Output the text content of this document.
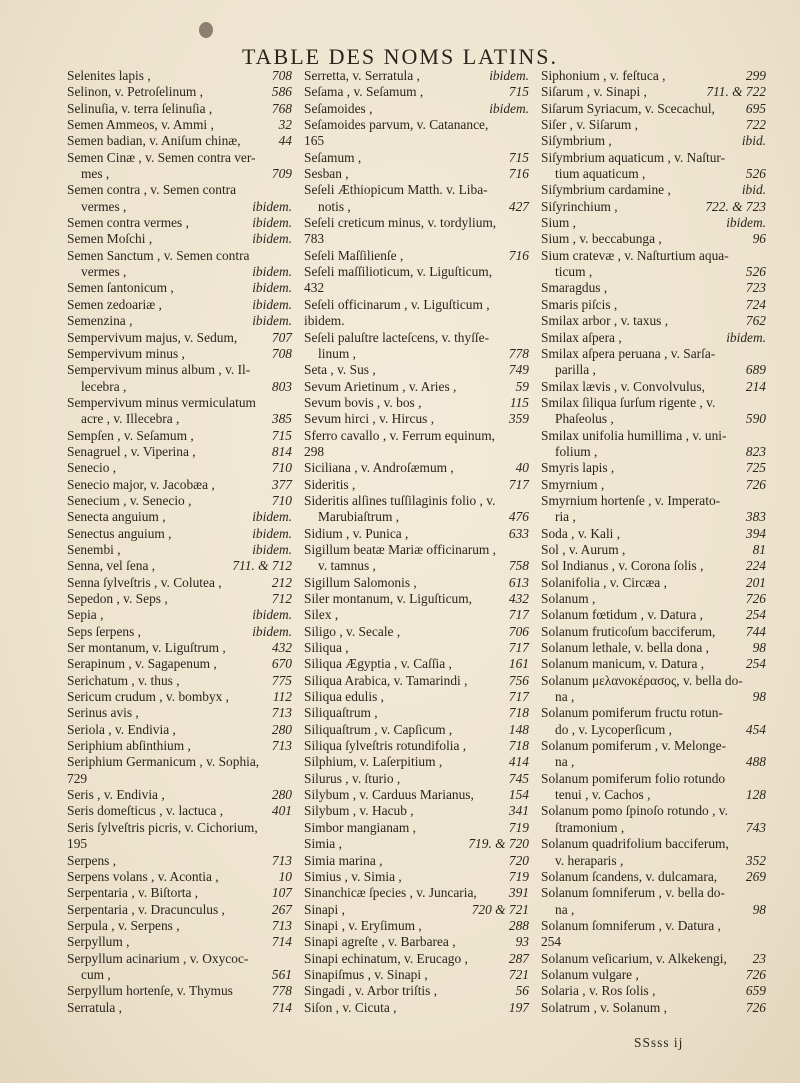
TABLE DES NOMS LATINS.
Selenites lapis ,	708
Selinon, v. Petroſelinum ,	586
Selinuſia, v. terra ſelinuſia ,	768
Semen Ammeos, v. Ammi ,	32
Semen badian, v. Aniſum chinæ,	44
Semen Cinæ , v. Semen contra ver-
mes ,	709
Semen contra , v. Semen contra
vermes ,	ibidem.
Semen contra vermes ,	ibidem.
Semen Moſchi ,	ibidem.
Semen Sanctum , v. Semen contra
vermes ,	ibidem.
Semen ſantonicum ,	ibidem.
Semen zedoariæ ,	ibidem.
Semenzina ,	ibidem.
Sempervivum majus, v. Sedum,	707
Sempervivum minus ,	708
Sempervivum minus album , v. Il-
lecebra ,	803
Sempervivum minus vermiculatum
acre , v. Illecebra ,	385
Sempſen , v. Seſamum ,	715
Senagruel , v. Viperina ,	814
Senecio ,	710
Senecio major, v. Jacobæa ,	377
Senecium , v. Senecio ,	710
Senecta anguium ,	ibidem.
Senectus anguium ,	ibidem.
Senembi ,	ibidem.
Senna, vel ſena ,	711. & 712
Senna ſylveſtris , v. Colutea ,	212
Sepedon , v. Seps ,	712
Sepia ,	ibidem.
Seps ſerpens ,	ibidem.
Ser montanum, v. Liguſtrum ,	432
Serapinum , v. Sagapenum ,	670
Serichatum , v. thus ,	775
Sericum crudum , v. bombyx ,	112
Serinus avis ,	713
Seriola , v. Endivia ,	280
Seriphium abſinthium ,	713
Seriphium Germanicum , v. Sophia,
729
Seris , v. Endivia ,	280
Seris domeſticus , v. lactuca ,	401
Seris ſylveſtris picris, v. Cichorium,
195
Serpens ,	713
Serpens volans , v. Acontia ,	10
Serpentaria , v. Biſtorta ,	107
Serpentaria , v. Dracunculus ,	267
Serpula , v. Serpens ,	713
Serpyllum ,	714
Serpyllum acinarium , v. Oxycoc-
cum ,	561
Serpyllum hortenſe, v. Thymus	778
Serratula ,	714
Serretta, v. Serratula ,	ibidem.
Seſama , v. Seſamum ,	715
Seſamoides ,	ibidem.
Seſamoides parvum, v. Catanance,
165
Seſamum ,	715
Sesban ,	716
Seſeli Æthiopicum Matth. v. Liba-
notis ,	427
Seſeli creticum minus, v. tordylium,
783
Seſeli Maſſilienſe ,	716
Seſeli maſſilioticum, v. Liguſticum,
432
Seſeli officinarum , v. Liguſticum ,
ibidem.
Seſeli paluſtre lacteſcens, v. thyſſe-
linum ,	778
Seta , v. Sus ,	749
Sevum Arietinum , v. Aries ,	59
Sevum bovis , v. bos ,	115
Sevum hirci , v. Hircus ,	359
Sferro cavallo , v. Ferrum equinum,
298
Siciliana , v. Androſæmum ,	40
Sideritis ,	717
Sideritis alſines tuſſilaginis folio , v.
Marubiaſtrum ,	476
Sidium , v. Punica ,	633
Sigillum beatæ Mariæ officinarum ,
v. tamnus ,	758
Sigillum Salomonis ,	613
Siler montanum, v. Liguſticum,	432
Silex ,	717
Siligo , v. Secale ,	706
Siliqua ,	717
Siliqua Ægyptia , v. Caſſia ,	161
Siliqua Arabica, v. Tamarindi ,	756
Siliqua edulis ,	717
Siliquaſtrum ,	718
Siliquaſtrum , v. Capſicum ,	148
Siliqua ſylveſtris rotundifolia ,	718
Silphium, v. Laſerpitium ,	414
Silurus , v. ſturio ,	745
Silybum , v. Carduus Marianus,	154
Silybum , v. Hacub ,	341
Simbor mangianam ,	719
Simia ,	719. & 720
Simia marina ,	720
Simius , v. Simia ,	719
Sinanchicæ ſpecies , v. Juncaria, 391
Sinapi ,	720 & 721
Sinapi , v. Eryſimum ,	288
Sinapi agreſte , v. Barbarea ,	93
Sinapi echinatum, v. Erucago ,	287
Sinapiſmus , v. Sinapi ,	721
Singadi , v. Arbor triſtis ,	56
Siſon , v. Cicuta ,	197
Siphonium , v. feſtuca ,	299
Siſarum , v. Sinapi ,	711. & 722
Siſarum Syriacum, v. Scecachul, 695
Siſer , v. Siſarum ,	722
Siſymbrium ,	ibid.
Siſymbrium aquaticum , v. Naſtur-
tium aquaticum ,	526
Siſymbrium cardamine ,	ibid.
Siſyrinchium ,	722. & 723
Sium ,	ibidem.
Sium , v. beccabunga ,	96
Sium cratevæ , v. Naſturtium aqua-
ticum ,	526
Smaragdus ,	723
Smaris piſcis ,	724
Smilax arbor , v. taxus ,	762
Smilax aſpera ,	ibidem.
Smilax aſpera peruana , v. Sarſa-
parilla ,	689
Smilax lævis , v. Convolvulus,	214
Smilax ſiliqua ſurſum rigente , v.
Phaſeolus ,	590
Smilax unifolia humillima , v. uni-
folium ,	823
Smyris lapis ,	725
Smyrnium ,	726
Smyrnium hortenſe , v. Imperato-
ria ,	383
Soda , v. Kali ,	394
Sol , v. Aurum ,	81
Sol Indianus , v. Corona ſolis ,	224
Solanifolia , v. Circæa ,	201
Solanum ,	726
Solanum fœtidum , v. Datura ,	254
Solanum fruticoſum bacciferum, 744
Solanum lethale, v. bella dona ,	98
Solanum manicum, v. Datura ,	254
Solanum μελανοκέρασος, v. bella do-
na ,	98
Solanum pomiferum fructu rotun-
do , v. Lycoperſicum ,	454
Solanum pomiferum , v. Melonge-
na ,	488
Solanum pomiferum folio rotundo
tenui , v. Cachos ,	128
Solanum pomo ſpinoſo rotundo , v.
ſtramonium ,	743
Solanum quadrifolium bacciferum,
v. heraparis ,	352
Solanum ſcandens, v. dulcamara, 269
Solanum ſomniferum , v. bella do-
na ,	98
Solanum ſomniferum , v. Datura ,
254
Solanum veſicarium, v. Alkekengi, 23
Solanum vulgare ,	726
Solaria , v. Ros ſolis ,	659
Solatrum , v. Solanum ,	726
SSsss ij
